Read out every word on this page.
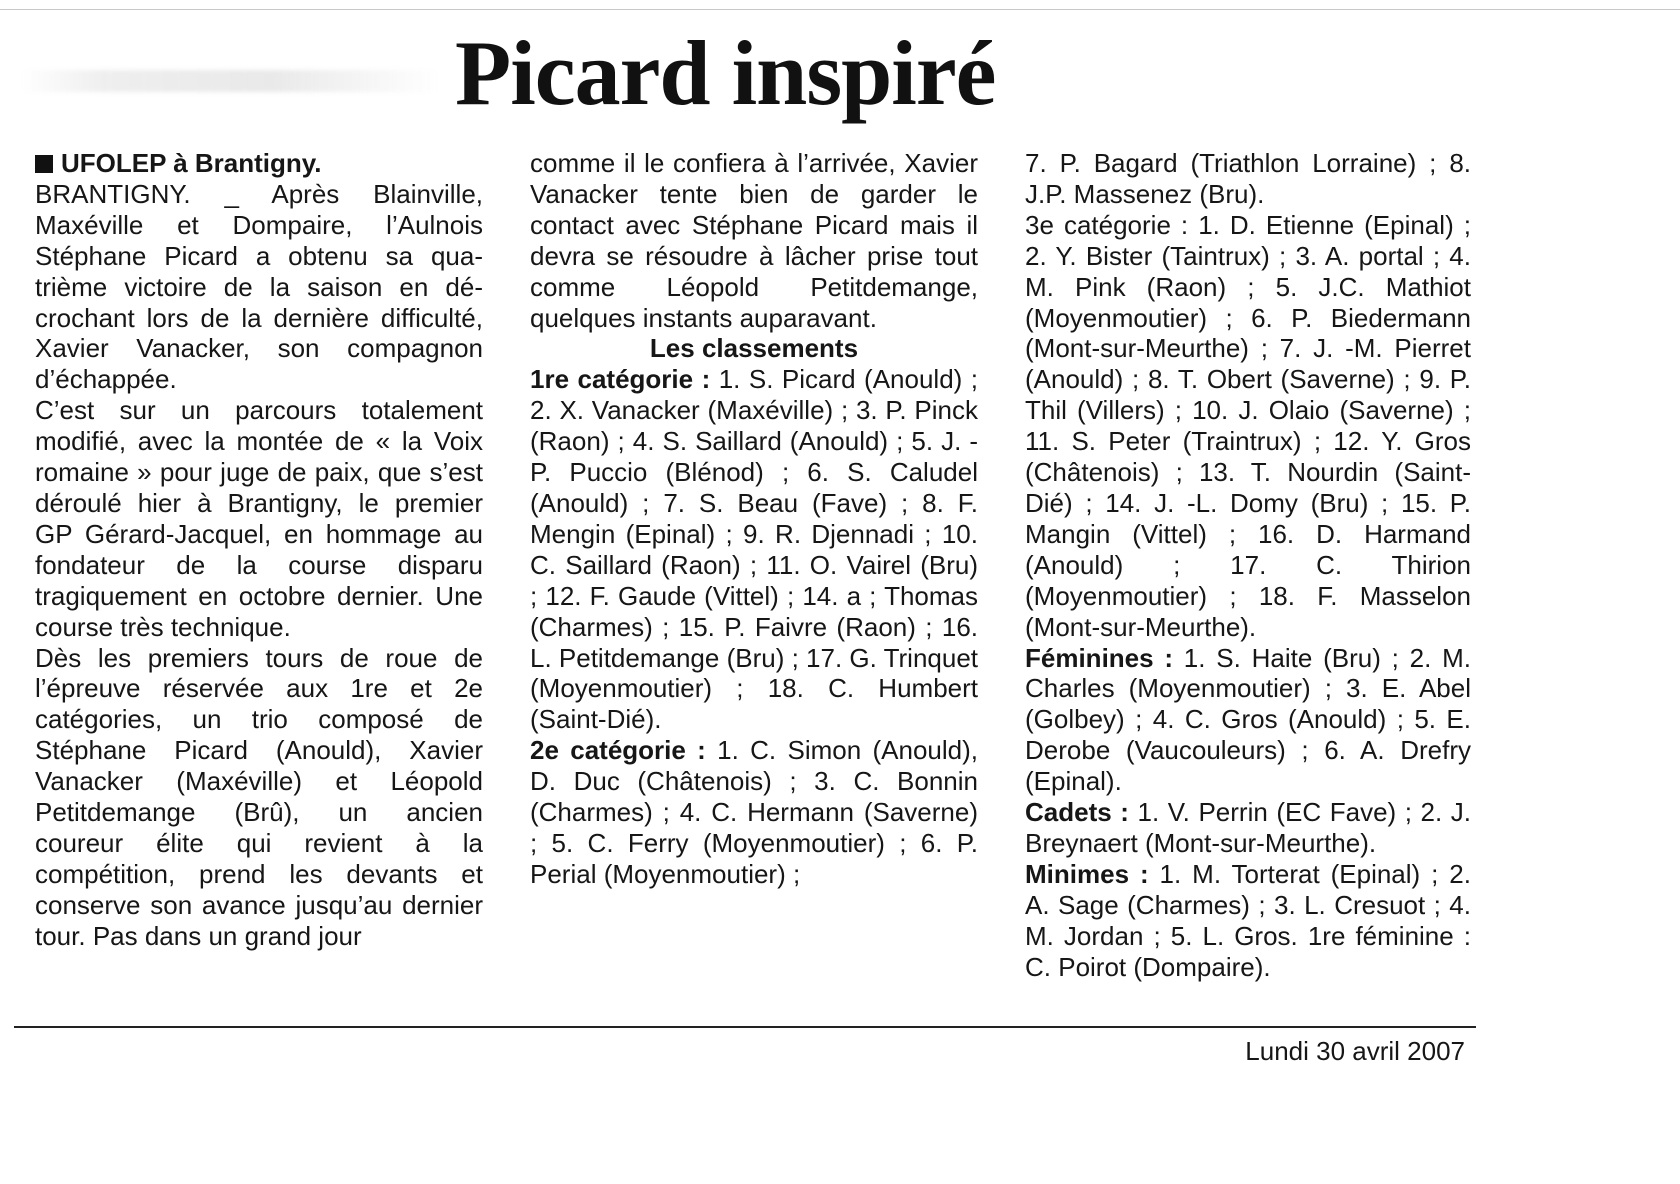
Picard inspiré

UFOLEP à Brantigny.

BRANTIGNY. _ Après Blainville, Maxéville et Dompaire, l’Aulnois Stéphane Picard a obtenu sa quatrième victoire de la saison en décrochant lors de la dernière difficulté, Xavier Vanacker, son compagnon d’échappée.

C’est sur un parcours totalement modifié, avec la montée de « la Voix romaine » pour juge de paix, que s’est déroulé hier à Brantigny, le premier GP Gérard-Jacquel, en hommage au fondateur de la course disparu tragiquement en octobre dernier. Une course très technique.

Dès les premiers tours de roue de l’épreuve réservée aux 1re et 2e catégories, un trio composé de Stéphane Picard (Anould), Xavier Vanacker (Maxéville) et Léopold Petitdemange (Brû), un ancien coureur élite qui revient à la compétition, prend les devants et conserve son avance jusqu’au dernier tour. Pas dans un grand jour

comme il le confiera à l’arrivée, Xavier Vanacker tente bien de garder le contact avec Stéphane Picard mais il devra se résoudre à lâcher prise tout comme Léopold Petitdemange, quelques instants auparavant.

Les classements

1re catégorie : 1. S. Picard (Anould) ; 2. X. Vanacker (Maxéville) ; 3. P. Pinck (Raon) ; 4. S. Saillard (Anould) ; 5. J. -P. Puccio (Blénod) ; 6. S. Caludel (Anould) ; 7. S. Beau (Fave) ; 8. F. Mengin (Epinal) ; 9. R. Djennadi ; 10. C. Saillard (Raon) ; 11. O. Vairel (Bru) ; 12. F. Gaude (Vittel) ; 14. a ; Thomas (Charmes) ; 15. P. Faivre (Raon) ; 16. L. Petitdemange (Bru) ; 17. G. Trinquet (Moyenmoutier) ; 18. C. Humbert (Saint-Dié).

2e catégorie : 1. C. Simon (Anould), D. Duc (Châtenois) ; 3. C. Bonnin (Charmes) ; 4. C. Hermann (Saverne) ; 5. C. Ferry (Moyenmoutier) ; 6. P. Perial (Moyenmoutier) ;

7. P. Bagard (Triathlon Lorraine) ; 8. J.P. Massenez (Bru).

3e catégorie : 1. D. Etienne (Epinal) ; 2. Y. Bister (Taintrux) ; 3. A. portal ; 4. M. Pink (Raon) ; 5. J.C. Mathiot (Moyenmoutier) ; 6. P. Biedermann (Mont-sur-Meurthe) ; 7. J. -M. Pierret (Anould) ; 8. T. Obert (Saverne) ; 9. P. Thil (Villers) ; 10. J. Olaio (Saverne) ; 11. S. Peter (Traintrux) ; 12. Y. Gros (Châtenois) ; 13. T. Nourdin (Saint-Dié) ; 14. J. -L. Domy (Bru) ; 15. P. Mangin (Vittel) ; 16. D. Harmand (Anould) ; 17. C. Thirion (Moyenmoutier) ; 18. F. Masselon (Mont-sur-Meurthe).

Féminines : 1. S. Haite (Bru) ; 2. M. Charles (Moyenmoutier) ; 3. E. Abel (Golbey) ; 4. C. Gros (Anould) ; 5. E. Derobe (Vaucouleurs) ; 6. A. Drefry (Epinal).

Cadets : 1. V. Perrin (EC Fave) ; 2. J. Breynaert (Mont-sur-Meurthe).

Minimes : 1. M. Torterat (Epinal) ; 2. A. Sage (Charmes) ; 3. L. Cresuot ; 4. M. Jordan ; 5. L. Gros. 1re féminine : C. Poirot (Dompaire).

Lundi 30 avril 2007
